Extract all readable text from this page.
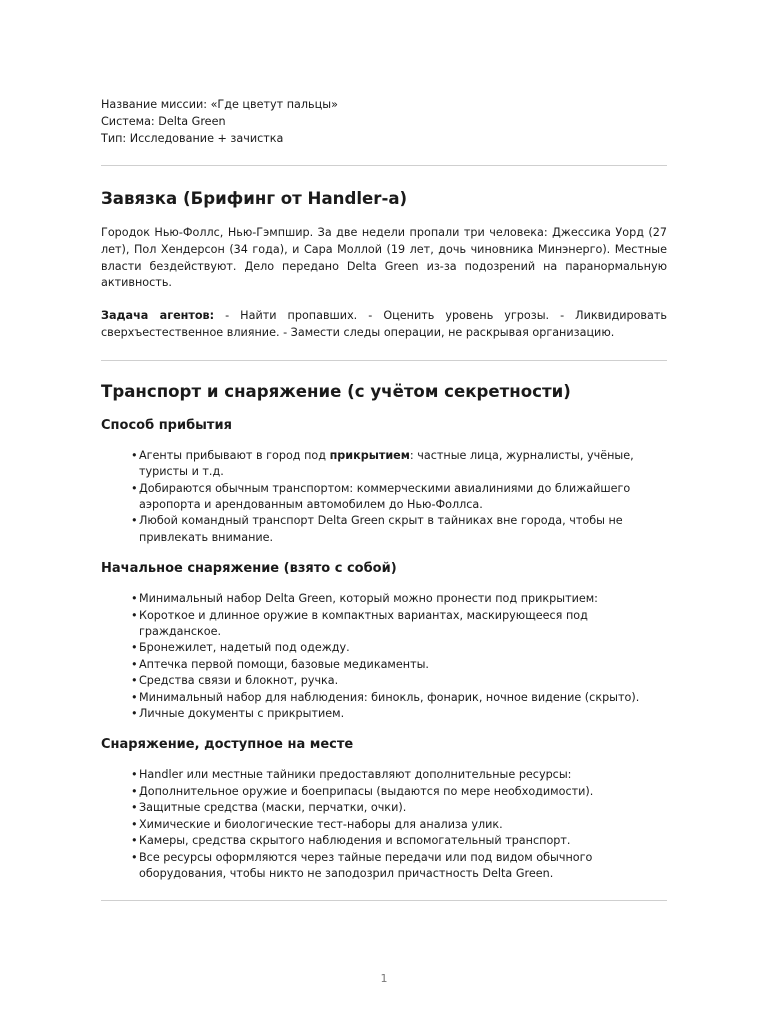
Название миссии: «Где цветут пальцы»

Система: Delta Green

Тип: Исследование + зачистка

Завязка (Брифинг от Handler-а)

Городок Нью-Фоллс, Нью-Гэмпшир. За две недели пропали три человека: Джессика Уорд (27 лет), Пол Хендерсон (34 года), и Сара Моллой (19 лет, дочь чиновника Минэнерго). Местные власти бездействуют. Дело передано Delta Green из-за подозрений на паранормальную активность.

Задача агентов: - Найти пропавших. - Оценить уровень угрозы. - Ликвидировать сверхъестественное влияние. - Замести следы операции, не раскрывая организацию.

Транспорт и снаряжение (с учётом секретности)
Способ прибытия
• Агенты прибывают в город под прикрытием: частные лица, журналисты, учёные, туристы и т.д.
• Добираются обычным транспортом: коммерческими авиалиниями до ближайшего аэропорта и арендованным автомобилем до Нью-Фоллса.
• Любой командный транспорт Delta Green скрыт в тайниках вне города, чтобы не привлекать внимание.
Начальное снаряжение (взято с собой)
• Минимальный набор Delta Green, который можно пронести под прикрытием:
• Короткое и длинное оружие в компактных вариантах, маскирующееся под гражданское.
• Бронежилет, надетый под одежду.
• Аптечка первой помощи, базовые медикаменты.
• Средства связи и блокнот, ручка.
• Минимальный набор для наблюдения: бинокль, фонарик, ночное видение (скрыто).
• Личные документы с прикрытием.
Снаряжение, доступное на месте
• Handler или местные тайники предоставляют дополнительные ресурсы:
• Дополнительное оружие и боеприпасы (выдаются по мере необходимости).
• Защитные средства (маски, перчатки, очки).
• Химические и биологические тест-наборы для анализа улик.
• Камеры, средства скрытого наблюдения и вспомогательный транспорт.
• Все ресурсы оформляются через тайные передачи или под видом обычного оборудования, чтобы никто не заподозрил причастность Delta Green.
1
